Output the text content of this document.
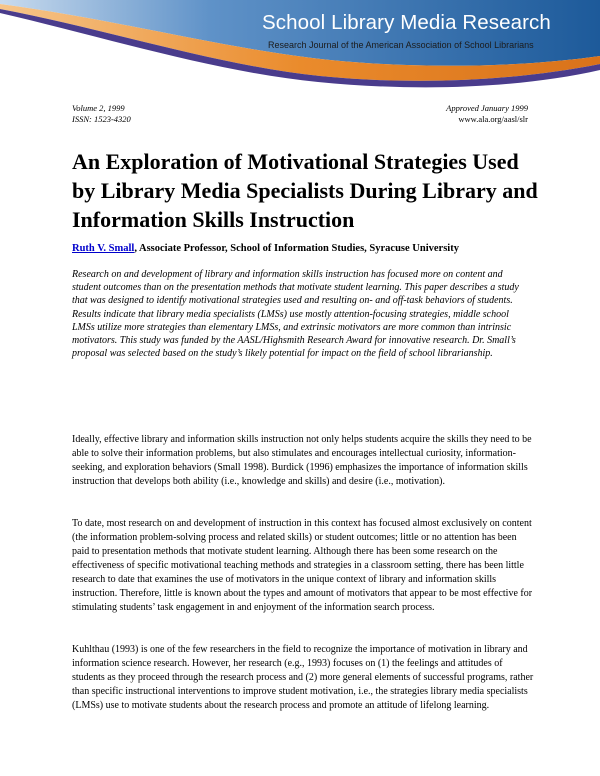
School Library Media Research
Research Journal of the American Association of School Librarians
Volume 2, 1999
ISSN: 1523-4320
Approved January 1999
www.ala.org/aasl/slr
An Exploration of Motivational Strategies Used by Library Media Specialists During Library and Information Skills Instruction
Ruth V. Small, Associate Professor, School of Information Studies, Syracuse University

Research on and development of library and information skills instruction has focused more on content and student outcomes than on the presentation methods that motivate student learning. This paper describes a study that was designed to identify motivational strategies used and resulting on- and off-task behaviors of students. Results indicate that library media specialists (LMSs) use mostly attention-focusing strategies, middle school LMSs utilize more strategies than elementary LMSs, and extrinsic motivators are more common than intrinsic motivators. This study was funded by the AASL/Highsmith Research Award for innovative research. Dr. Small’s proposal was selected based on the study’s likely potential for impact on the field of school librarianship.

Ideally, effective library and information skills instruction not only helps students acquire the skills they need to be able to solve their information problems, but also stimulates and encourages intellectual curiosity, information-seeking, and exploration behaviors (Small 1998). Burdick (1996) emphasizes the importance of information skills instruction that develops both ability (i.e., knowledge and skills) and desire (i.e., motivation).

To date, most research on and development of instruction in this context has focused almost exclusively on content (the information problem-solving process and related skills) or student outcomes; little or no attention has been paid to presentation methods that motivate student learning. Although there has been some research on the effectiveness of specific motivational teaching methods and strategies in a classroom setting, there has been little research to date that examines the use of motivators in the unique context of library and information skills instruction. Therefore, little is known about the types and amount of motivators that appear to be most effective for stimulating students’ task engagement in and enjoyment of the information search process.

Kuhlthau (1993) is one of the few researchers in the field to recognize the importance of motivation in library and information science research. However, her research (e.g., 1993) focuses on (1) the feelings and attitudes of students as they proceed through the research process and (2) more general elements of successful programs, rather than specific instructional interventions to improve student motivation, i.e., the strategies library media specialists (LMSs) use to motivate students about the research process and promote an attitude of lifelong learning.
